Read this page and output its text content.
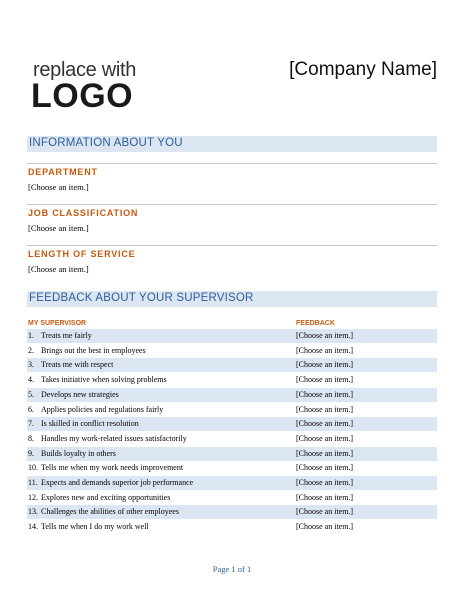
replace with
LOGO
[Company Name]
INFORMATION ABOUT YOU
DEPARTMENT
[Choose an item.]
JOB CLASSIFICATION
[Choose an item.]
LENGTH OF SERVICE
[Choose an item.]
FEEDBACK ABOUT YOUR SUPERVISOR
MY SUPERVISOR	FEEDBACK
1. Treats me fairly	[Choose an item.]
2. Brings out the best in employees	[Choose an item.]
3. Treats me with respect	[Choose an item.]
4. Takes initiative when solving problems	[Choose an item.]
5. Develops new strategies	[Choose an item.]
6. Applies policies and regulations fairly	[Choose an item.]
7. Is skilled in conflict resolution	[Choose an item.]
8. Handles my work-related issues satisfactorily	[Choose an item.]
9. Builds loyalty in others	[Choose an item.]
10. Tells me when my work needs improvement	[Choose an item.]
11. Expects and demands superior job performance	[Choose an item.]
12. Explores new and exciting opportunities	[Choose an item.]
13. Challenges the abilities of other employees	[Choose an item.]
14. Tells me when I do my work well	[Choose an item.]
Page 1 of 1
